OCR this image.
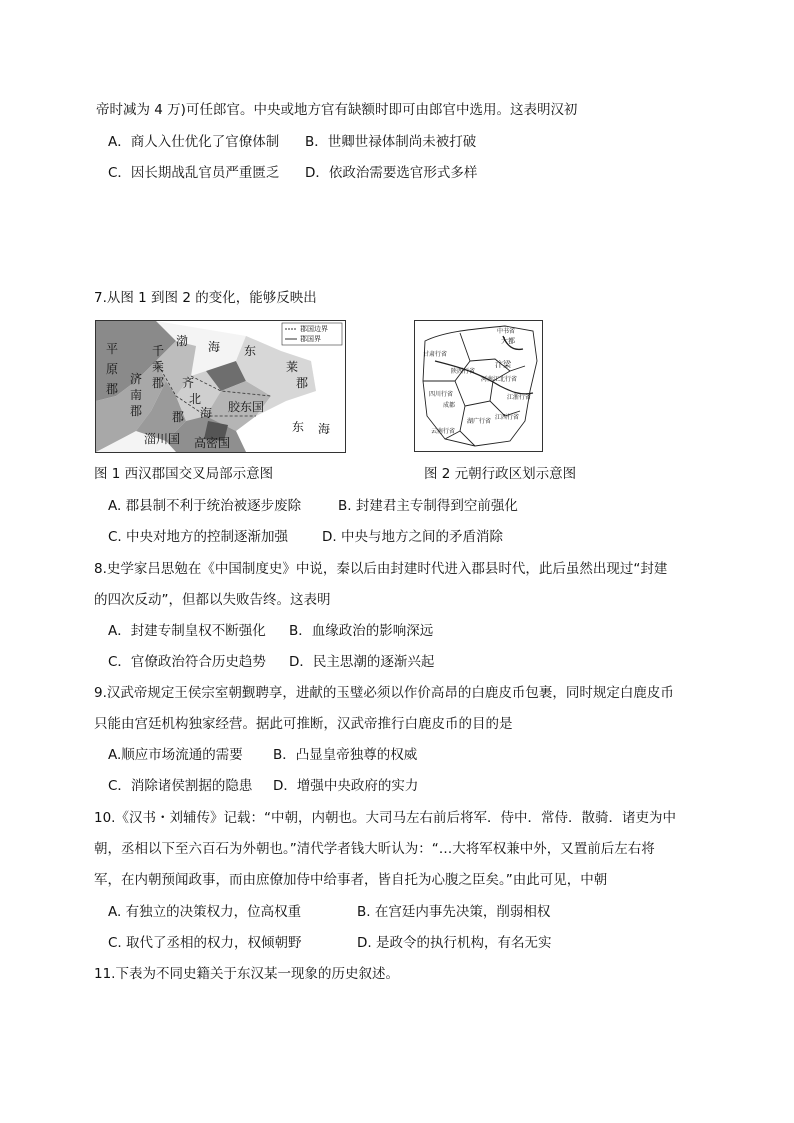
帝时减为 4 万)可任郎官。中央或地方官有缺额时即可由郎官中选用。这表明汉初
A．商人入仕优化了官僚体制 B．世卿世禄体制尚未被打破
C．因长期战乱官员严重匮乏 D．依政治需要选官形式多样
7.从图 1 到图 2 的变化，能够反映出
郡国边界
郡国界
平
原
郡
千
乘
郡
济
南
郡
齐
北
海
郡
胶东国
东
莱
郡
渤 海
东 海
淄川国 高密国
中书省
大都
汴梁
甘肃行省
陕西行省
河南江北行省
四川行省
成都
江浙行省
江西行省
湖广行省
云南行省
图 1 西汉郡国交叉局部示意图	图 2 元朝行政区划示意图
A. 郡县制不利于统治被逐步废除	B. 封建君主专制得到空前强化
C. 中央对地方的控制逐渐加强	D. 中央与地方之间的矛盾消除
8.史学家吕思勉在《中国制度史》中说，秦以后由封建时代进入郡县时代，此后虽然出现过“封建
的四次反动”，但都以失败告终。这表明
A．封建专制皇权不断强化 B．血缘政治的影响深远
C．官僚政治符合历史趋势 D．民主思潮的逐渐兴起
9.汉武帝规定王侯宗室朝觐聘享，进献的玉璧必须以作价高昂的白鹿皮币包裹，同时规定白鹿皮币
只能由宫廷机构独家经营。据此可推断，汉武帝推行白鹿皮币的目的是
A.顺应市场流通的需要 B．凸显皇帝独尊的权威
C．消除诸侯割据的隐患 D．增强中央政府的实力
10.《汉书・刘辅传》记载：“中朝，内朝也。大司马左右前后将军．侍中．常侍．散骑．诸吏为中
朝，丞相以下至六百石为外朝也。”清代学者钱大昕认为：“…大将军权兼中外，又置前后左右将
军，在内朝预闻政事，而由庶僚加侍中给事者，皆自托为心腹之臣矣。”由此可见，中朝
A. 有独立的决策权力，位高权重	B. 在宫廷内事先决策，削弱相权
C. 取代了丞相的权力，权倾朝野	D. 是政令的执行机构，有名无实
11.下表为不同史籍关于东汉某一现象的历史叙述。
